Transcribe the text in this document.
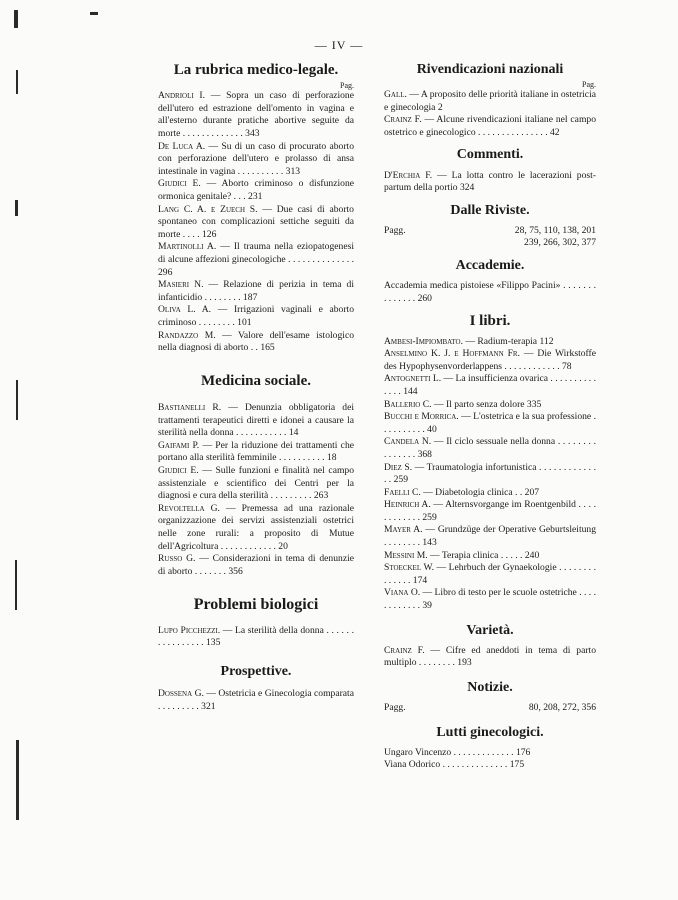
— IV —
La rubrica medico-legale.
Pag.

Andrioli I. — Sopra un caso di perforazione dell'utero ed estrazione dell'omento in vagina e all'esterno durante pratiche abortive seguite da morte . . . . . . . . . . . . . 343

De Luca A. — Su di un caso di procurato aborto con perforazione dell'utero e prolasso di ansa intestinale in vagina . . . . . . . . . . 313

Giudici E. — Aborto criminoso o disfunzione ormonica genitale? . . . 231

Lang C. A. e Zuech S. — Due casi di aborto spontaneo con complicazioni settiche seguiti da morte . . . . 126

Martinolli A. — Il trauma nella eziopatogenesi di alcune affezioni ginecologiche . . . . . . . . . . . . . . 296

Masieri N. — Relazione di perizia in tema di infanticidio . . . . . . . . 187

Oliva L. A. — Irrigazioni vaginali e aborto criminoso . . . . . . . . 101

Randazzo M. — Valore dell'esame istologico nella diagnosi di aborto . . 165

Medicina sociale.

Bastianelli R. — Denunzia obbligatoria dei trattamenti terapeutici diretti e idonei a causare la sterilità nella donna . . . . . . . . . . . 14

Gaifami P. — Per la riduzione dei trattamenti che portano alla sterilità femminile . . . . . . . . . . 18

Giudici E. — Sulle funzioni e finalità nel campo assistenziale e scientifico dei Centri per la diagnosi e cura della sterilità . . . . . . . . . 263

Revoltella G. — Premessa ad una razionale organizzazione dei servizi assistenziali ostetrici nelle zone rurali: a proposito di Mutue dell'Agricoltura . . . . . . . . . . . . 20

Russo G. — Considerazioni in tema di denunzie di aborto . . . . . . . 356

Problemi biologici

Lupo Picchezzi. — La sterilità della donna . . . . . . . . . . . . . . . . 135

Prospettive.

Dossena G. — Ostetricia e Ginecologia comparata . . . . . . . . . 321

Rivendicazioni nazionali
Pag.

Gall. — A proposito delle priorità italiane in ostetricia e ginecologia 2

Crainz F. — Alcune rivendicazioni italiane nel campo ostetrico e ginecologico . . . . . . . . . . . . . . . 42

Commenti.

D'Erchia F. — La lotta contro le lacerazioni post-partum della portio 324

Dalle Riviste.
Pagg.	28, 75, 110, 138, 201
239, 266, 302, 377
Accademie.

Accademia medica pistoiese «Filippo Pacini» . . . . . . . . . . . . . . 260

I libri.

Ambesi-Impiombato. — Radium-terapia 112

Anselmino K. J. e Hoffmann Fr. — Die Wirkstoffe des Hypophysenvorderlappens . . . . . . . . . . . . 78

Antognetti L. — La insufficienza ovarica . . . . . . . . . . . . . . 144

Ballerio C. — Il parto senza dolore 335

Bucchi e Morrica. — L'ostetrica e la sua professione . . . . . . . . . . 40

Candela N. — Il ciclo sessuale nella donna . . . . . . . . . . . . . . . 368

Diez S. — Traumatologia infortunistica . . . . . . . . . . . . . . 259

Faelli C. — Diabetologia clinica . . 207

Heinrich A. — Alternsvorgange im Roentgenbild . . . . . . . . . . . . 259

Mayer A. — Grundzüge der Operative Geburtsleitung . . . . . . . . 143

Messini M. — Terapia clinica . . . . . 240

Stoeckel W. — Lehrbuch der Gynaekologie . . . . . . . . . . . . . . 174

Viana O. — Libro di testo per le scuole ostetriche . . . . . . . . . . . . 39

Varietà.

Crainz F. — Cifre ed aneddoti in tema di parto multiplo . . . . . . . . 193

Notizie.
Pagg.	80, 208, 272, 356
Lutti ginecologici.

Ungaro Vincenzo . . . . . . . . . . . . . 176

Viana Odorico . . . . . . . . . . . . . . 175
